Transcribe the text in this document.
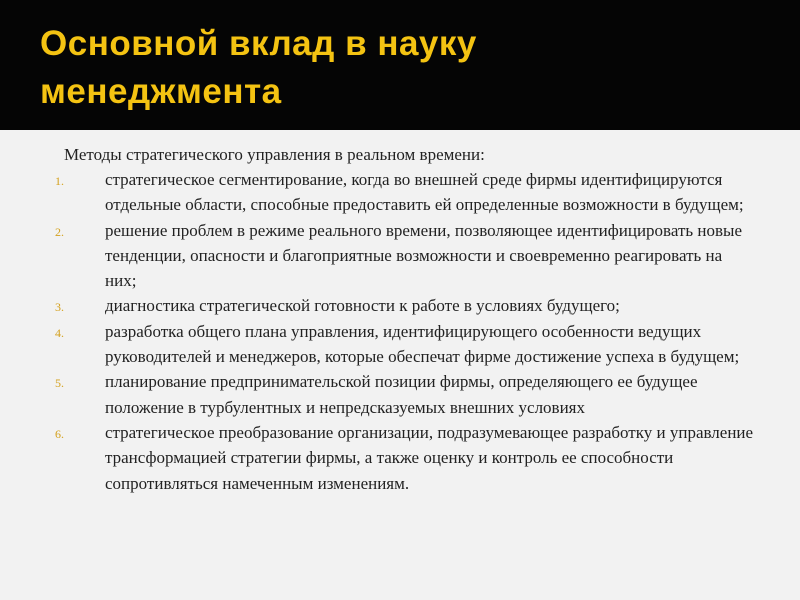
Основной вклад в науку
менеджмента

Методы стратегического управления в реальном времени:

1. стратегическое сегментирование, когда во внешней среде фирмы идентифицируются отдельные области, способные предоставить ей определенные возможности в будущем;
2. решение проблем в режиме реального времени, позволяющее идентифицировать новые тенденции, опасности и благоприятные возможности и своевременно реагировать на них;
3. диагностика стратегической готовности к работе в условиях будущего;
4. разработка общего плана управления, идентифицирующего особенности ведущих руководителей и менеджеров, которые обеспечат фирме достижение успеха в будущем;
5. планирование предпринимательской позиции фирмы, определяющего ее будущее положение в турбулентных и непредсказуемых внешних условиях
6. стратегическое преобразование организации, подразумевающее разработку и управление трансформацией стратегии фирмы, а также оценку и контроль ее способности сопротивляться намеченным изменениям.
